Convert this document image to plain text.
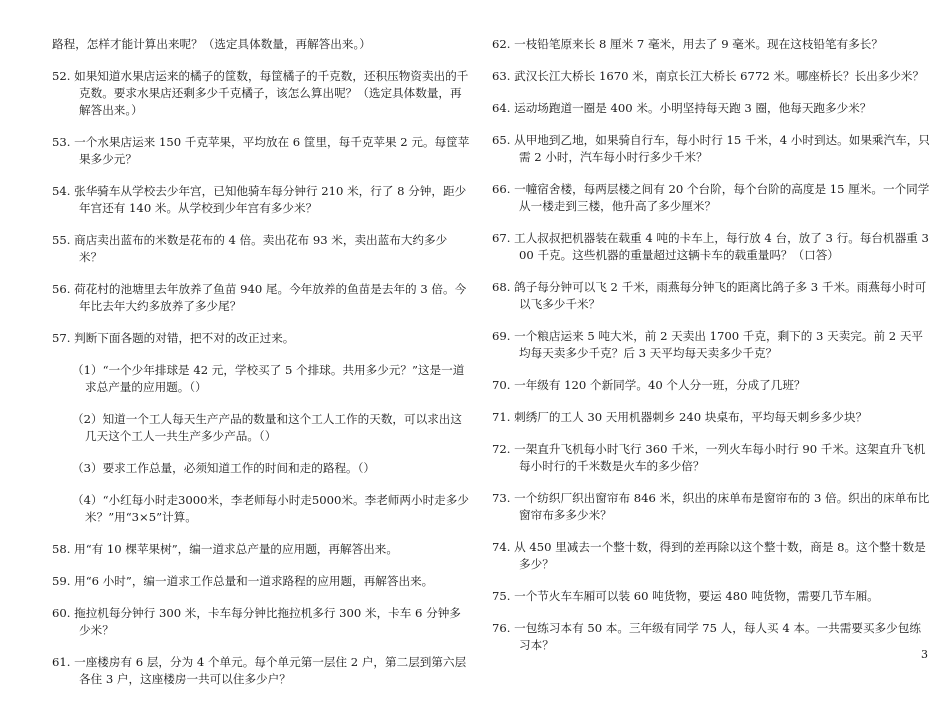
路程，怎样才能计算出来呢？（选定具体数量，再解答出来。）

52. 如果知道水果店运来的橘子的筐数，每筐橘子的千克数，还积压物资卖出的千克数。要求水果店还剩多少千克橘子，该怎么算出呢？（选定具体数量，再解答出来。）

53. 一个水果店运来 150 千克苹果，平均放在 6 筐里，每千克苹果 2 元。每筐苹果多少元？

54. 张华骑车从学校去少年宫，已知他骑车每分钟行 210 米，行了 8 分钟，距少年宫还有 140 米。从学校到少年宫有多少米？

55. 商店卖出蓝布的米数是花布的 4 倍。卖出花布 93 米，卖出蓝布大约多少米？

56. 荷花村的池塘里去年放养了鱼苗 940 尾。今年放养的鱼苗是去年的 3 倍。今年比去年大约多放养了多少尾？

57. 判断下面各题的对错，把不对的改正过来。

（1）“一个少年排球是 42 元，学校买了 5 个排球。共用多少元？”这是一道求总产量的应用题。（）

（2）知道一个工人每天生产产品的数量和这个工人工作的天数，可以求出这几天这个工人一共生产多少产品。（）

（3）要求工作总量，必须知道工作的时间和走的路程。（）

（4）“小红每小时走3000米，李老师每小时走5000米。李老师两小时走多少米？”用“3×5”计算。

58. 用“有 10 棵苹果树”，编一道求总产量的应用题，再解答出来。

59. 用“6 小时”，编一道求工作总量和一道求路程的应用题，再解答出来。

60. 拖拉机每分钟行 300 米，卡车每分钟比拖拉机多行 300 米，卡车 6 分钟多少米？

61. 一座楼房有 6 层，分为 4 个单元。每个单元第一层住 2 户，第二层到第六层各住 3 户，这座楼房一共可以住多少户？

62. 一枝铅笔原来长 8 厘米 7 毫米，用去了 9 毫米。现在这枝铅笔有多长？

63. 武汉长江大桥长 1670 米，南京长江大桥长 6772 米。哪座桥长？长出多少米？

64. 运动场跑道一圈是 400 米。小明坚持每天跑 3 圈，他每天跑多少米？

65. 从甲地到乙地，如果骑自行车，每小时行 15 千米，4 小时到达。如果乘汽车，只需 2 小时，汽车每小时行多少千米？

66. 一幢宿舍楼，每两层楼之间有 20 个台阶，每个台阶的高度是 15 厘米。一个同学从一楼走到三楼，他升高了多少厘米？

67. 工人叔叔把机器装在载重 4 吨的卡车上，每行放 4 台，放了 3 行。每台机器重 300 千克。这些机器的重量超过这辆卡车的载重量吗？（口答）

68. 鸽子每分钟可以飞 2 千米，雨燕每分钟飞的距离比鸽子多 3 千米。雨燕每小时可以飞多少千米？

69. 一个粮店运来 5 吨大米，前 2 天卖出 1700 千克，剩下的 3 天卖完。前 2 天平均每天卖多少千克？后 3 天平均每天卖多少千克？

70. 一年级有 120 个新同学。40 个人分一班，分成了几班？

71. 刺绣厂的工人 30 天用机器刺乡 240 块桌布，平均每天刺乡多少块？

72. 一架直升飞机每小时飞行 360 千米，一列火车每小时行 90 千米。这架直升飞机每小时行的千米数是火车的多少倍？

73. 一个纺织厂织出窗帘布 846 米，织出的床单布是窗帘布的 3 倍。织出的床单布比窗帘布多多少米？

74. 从 450 里减去一个整十数，得到的差再除以这个整十数，商是 8。这个整十数是多少？

75. 一个节火车车厢可以装 60 吨货物，要运 480 吨货物，需要几节车厢。

76. 一包练习本有 50 本。三年级有同学 75 人，每人买 4 本。一共需要买多少包练习本？

3
